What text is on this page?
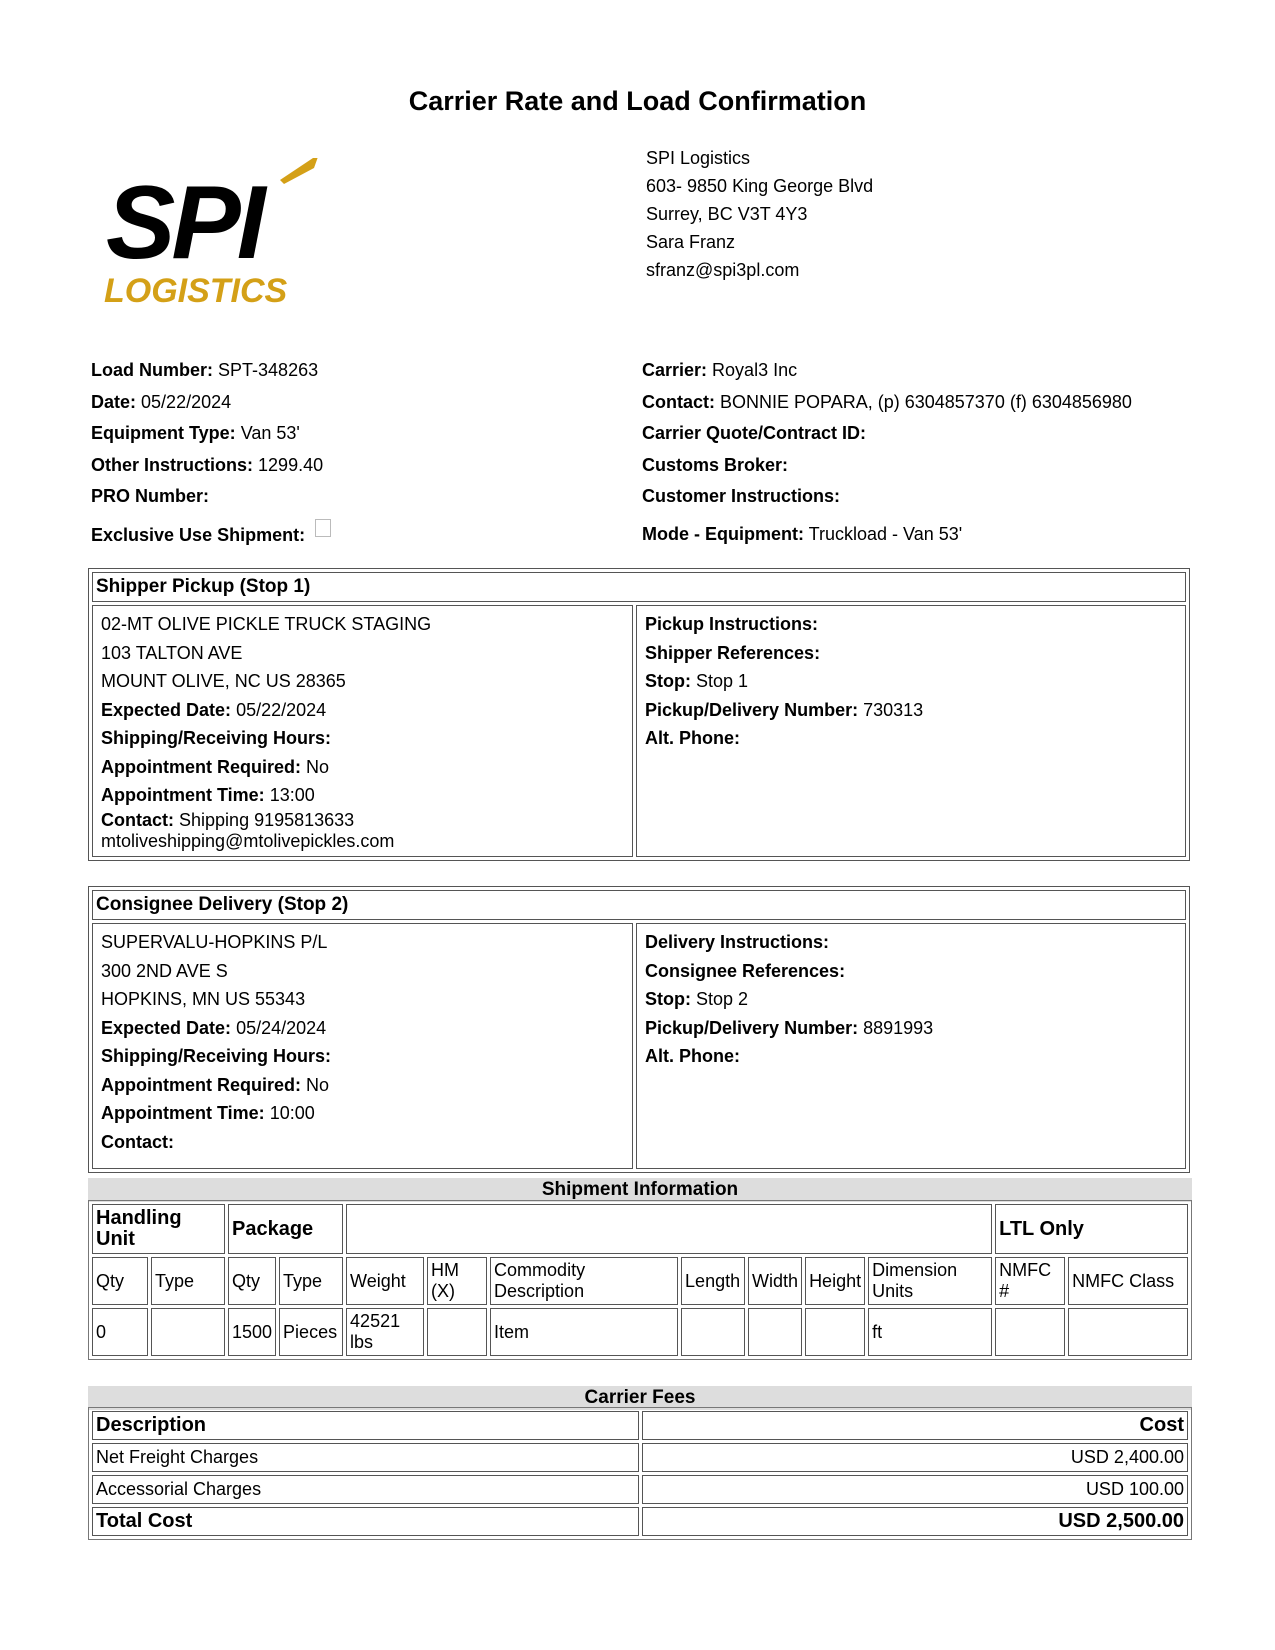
Carrier Rate and Load Confirmation
SPI
LOGISTICS
SPI Logistics
603- 9850 King George Blvd
Surrey, BC V3T 4Y3
Sara Franz
sfranz@spi3pl.com
Load Number: SPT-348263
Date: 05/22/2024
Equipment Type: Van 53'
Other Instructions: 1299.40
PRO Number:
Exclusive Use Shipment:
Carrier: Royal3 Inc
Contact: BONNIE POPARA, (p) 6304857370 (f) 6304856980
Carrier Quote/Contract ID:
Customs Broker:
Customer Instructions:
Mode - Equipment: Truckload - Van 53'
Shipper Pickup (Stop 1)

02-MT OLIVE PICKLE TRUCK STAGING
103 TALTON AVE
MOUNT OLIVE, NC US 28365
Expected Date: 05/22/2024
Shipping/Receiving Hours:
Appointment Required: No
Appointment Time: 13:00
Contact: Shipping 9195813633
mtoliveshipping@mtolivepickles.com

Pickup Instructions:
Shipper References:
Stop: Stop 1
Pickup/Delivery Number: 730313
Alt. Phone:
Consignee Delivery (Stop 2)

SUPERVALU-HOPKINS P/L
300 2ND AVE S
HOPKINS, MN US 55343
Expected Date: 05/24/2024
Shipping/Receiving Hours:
Appointment Required: No
Appointment Time: 10:00
Contact:

Delivery Instructions:
Consignee References:
Stop: Stop 2
Pickup/Delivery Number: 8891993
Alt. Phone:
Shipment Information
Handling Unit		Package									LTL Only	
Qty	Type	Qty	Type	Weight	HM (X)	Commodity Description	Length	Width	Height	Dimension Units	NMFC #	NMFC Class
0		1500	Pieces	42521 lbs		Item				ft		
Carrier Fees
Description	Cost
Net Freight Charges	USD 2,400.00
Accessorial Charges	USD 100.00
Total Cost	USD 2,500.00
